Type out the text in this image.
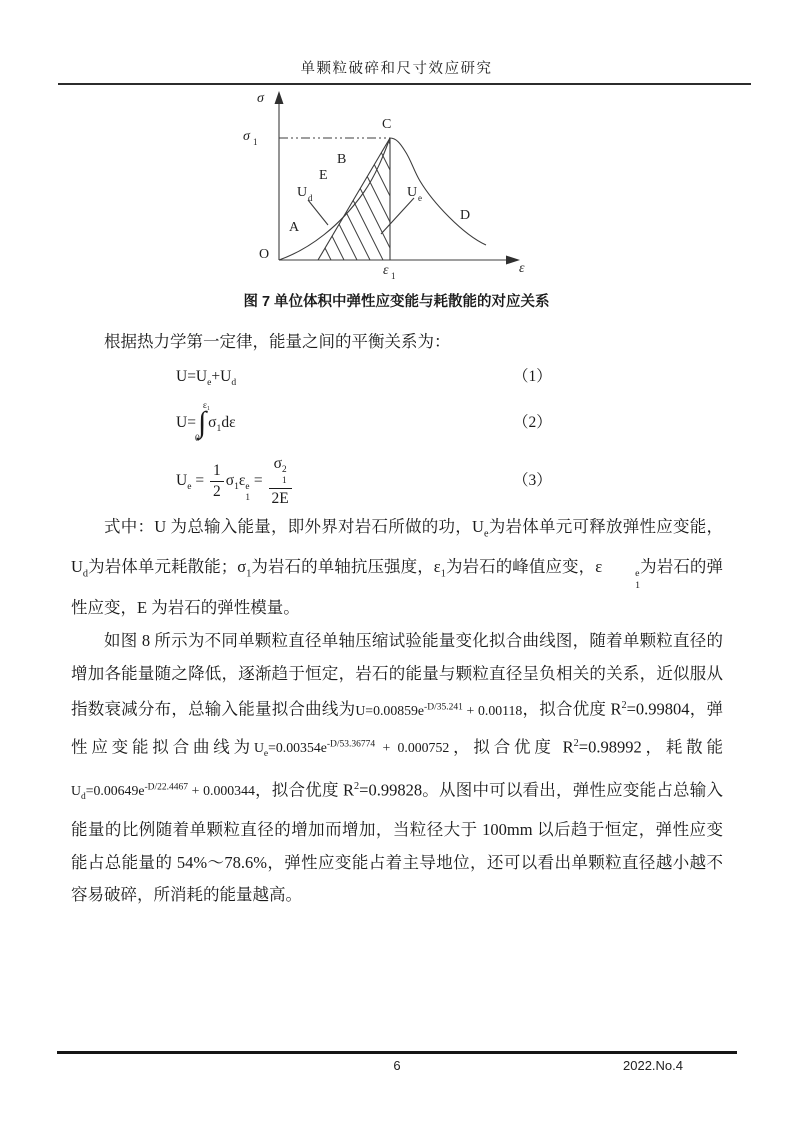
单颗粒破碎和尺寸效应研究
σ
σ 1
O
C
B
E
A
D
U d	U e
ε 1	ε
图 7 单位体积中弹性应变能与耗散能的对应关系

根据热力学第一定律，能量之间的平衡关系为：

$U=U_e+U_d$	（1）
U=
ε₁
∫
0
$\sigma_1d\varepsilon$	（2）
$U_e = \frac{1}{2} \sigma_1\varepsilon$ e
1
= σ 2
1
2E	（3）

式中：U 为总输入能量，即外界对岩石所做的功，$U_e$为岩体单元可释放弹性应变能，$U_d$为岩体单元耗散能；$\sigma_1$为岩石的单轴抗压强度，$\varepsilon_1$为岩石的峰值应变，ε	e
1
为岩石的弹性应变，E 为岩石的弹性模量。

如图 8 所示为不同单颗粒直径单轴压缩试验能量变化拟合曲线图，随着单颗粒直径的增加各能量随之降低，逐渐趋于恒定，岩石的能量与颗粒直径呈负相关的关系，近似服从指数衰减分布，总输入能量拟合曲线为$U=0.00859e^{-D/35.241} + 0.00118$，拟合优度 $R^2=0.99804$，弹性应变能拟合曲线为$U_e=0.00354e^{-D/53.36774} + 0.000752$，拟合优度 $R^2=0.98992$，耗散能$U_d=0.00649e^{-D/22.4467} + 0.000344$，拟合优度 $R^2=0.99828$。从图中可以看出，弹性应变能占总输入能量的比例随着单颗粒直径的增加而增加，当粒径大于 100mm 以后趋于恒定，弹性应变能占总能量的 54%～78.6%，弹性应变能占着主导地位，还可以看出单颗粒直径越小越不容易破碎，所消耗的能量越高。

6	2022.No.4
